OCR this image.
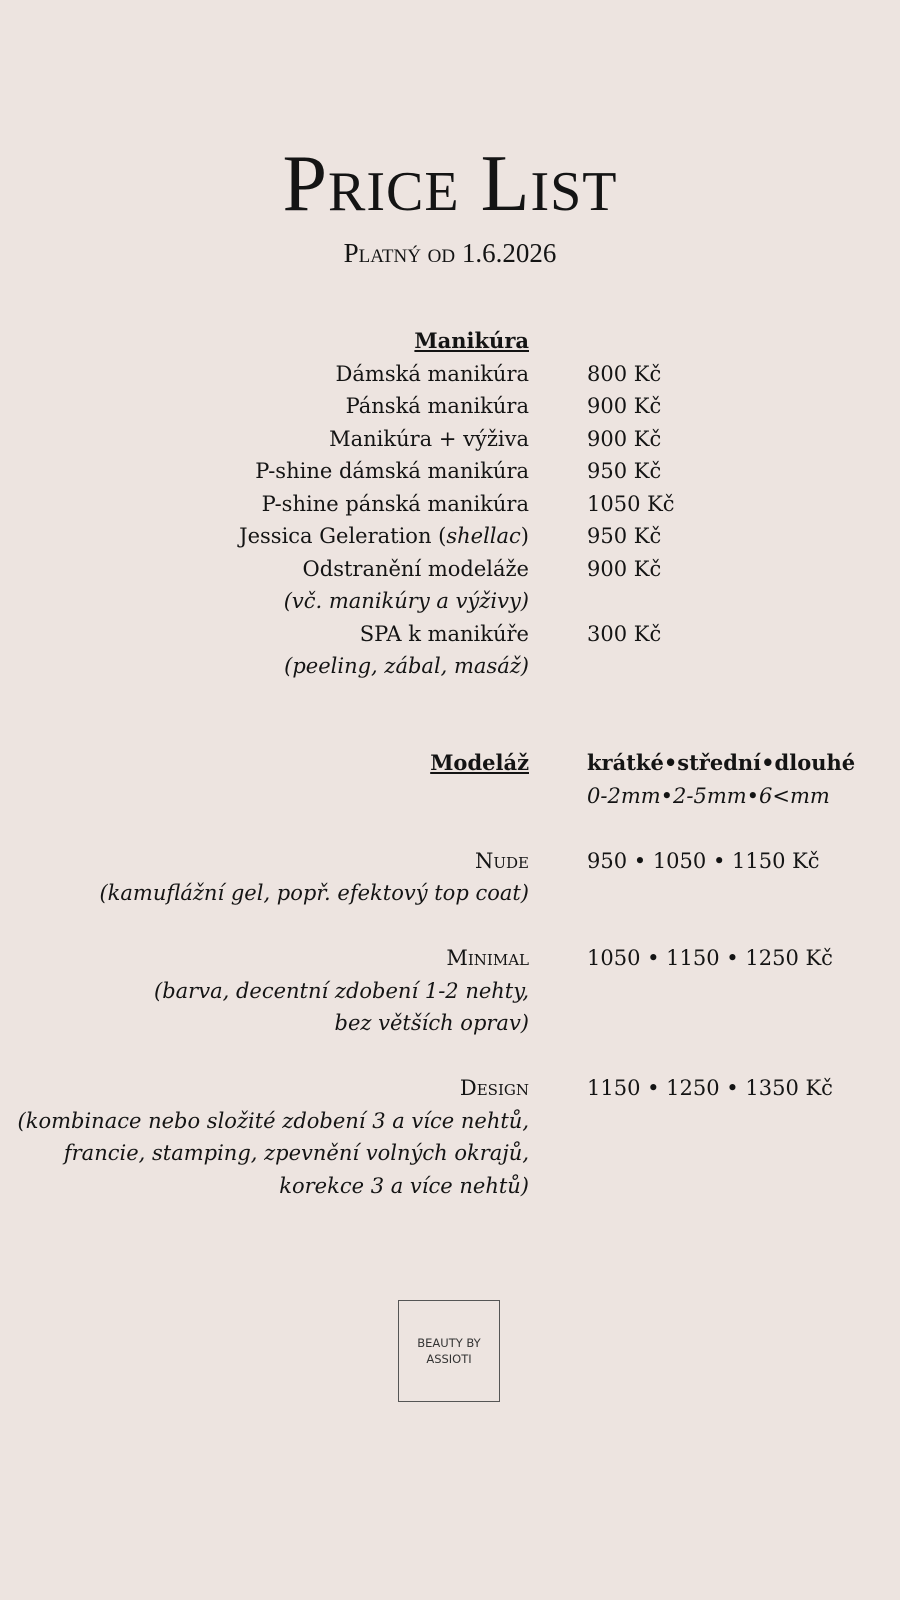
Price List

Platný od 1.6.2026

Manikúra
Dámská manikúra	800 Kč
Pánská manikúra	900 Kč
Manikúra + výživa	900 Kč
P-shine dámská manikúra	950 Kč
P-shine pánská manikúra	1050 Kč
Jessica Geleration (shellac)	950 Kč
Odstranění modeláže	900 Kč
(vč. manikúry a výživy)
SPA k manikúře	300 Kč
(peeling, zábal, masáž)
Modeláž	krátké•střední•dlouhé
0-2mm•2-5mm•6<mm
Nude	950 • 1050 • 1150 Kč
(kamuflážní gel, popř. efektový top coat)
Minimal	1050 • 1150 • 1250 Kč
(barva, decentní zdobení 1-2 nehty,
bez větších oprav)
Design	1150 • 1250 • 1350 Kč
(kombinace nebo složité zdobení 3 a více nehtů,
francie, stamping, zpevnění volných okrajů,
korekce 3 a více nehtů)
BEAUTY BY
ASSIOTI
